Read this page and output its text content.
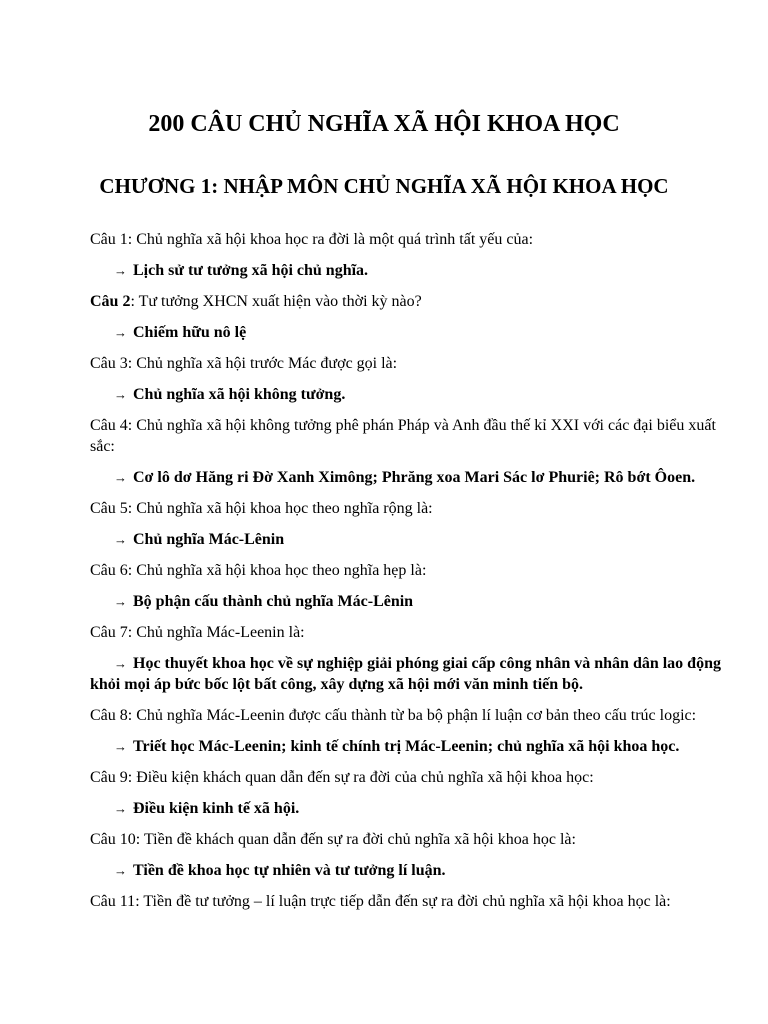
200 CÂU CHỦ NGHĨA XÃ HỘI KHOA HỌC
CHƯƠNG 1: NHẬP MÔN CHỦ NGHĨA XÃ HỘI KHOA HỌC

Câu 1: Chủ nghĩa xã hội khoa học ra đời là một quá trình tất yếu của:

→ Lịch sử tư tưởng xã hội chủ nghĩa.

Câu 2: Tư tưởng XHCN xuất hiện vào thời kỳ nào?

→ Chiếm hữu nô lệ

Câu 3: Chủ nghĩa xã hội trước Mác được gọi là:

→ Chủ nghĩa xã hội không tưởng.

Câu 4: Chủ nghĩa xã hội không tưởng phê phán Pháp và Anh đầu thế kỉ XXI với các đại biểu xuất sắc:

→ Cơ lô dơ Hăng ri Đờ Xanh Ximông; Phrăng xoa Mari Sác lơ Phuriê; Rô bớt Ôoen.

Câu 5: Chủ nghĩa xã hội khoa học theo nghĩa rộng là:

→ Chủ nghĩa Mác-Lênin

Câu 6: Chủ nghĩa xã hội khoa học theo nghĩa hẹp là:

→ Bộ phận cấu thành chủ nghĩa Mác-Lênin

Câu 7: Chủ nghĩa Mác-Leenin là:

→ Học thuyết khoa học về sự nghiệp giải phóng giai cấp công nhân và nhân dân lao động khỏi mọi áp bức bốc lột bất công, xây dựng xã hội mới văn minh tiến bộ.

Câu 8: Chủ nghĩa Mác-Leenin được cấu thành từ ba bộ phận lí luận cơ bản theo cấu trúc logic:

→ Triết học Mác-Leenin; kinh tế chính trị Mác-Leenin; chủ nghĩa xã hội khoa học.

Câu 9: Điều kiện khách quan dẫn đến sự ra đời của chủ nghĩa xã hội khoa học:

→ Điều kiện kinh tế xã hội.

Câu 10: Tiền đề khách quan dẫn đến sự ra đời chủ nghĩa xã hội khoa học là:

→ Tiền đề khoa học tự nhiên và tư tưởng lí luận.

Câu 11: Tiền đề tư tưởng – lí luận trực tiếp dẫn đến sự ra đời chủ nghĩa xã hội khoa học là:
